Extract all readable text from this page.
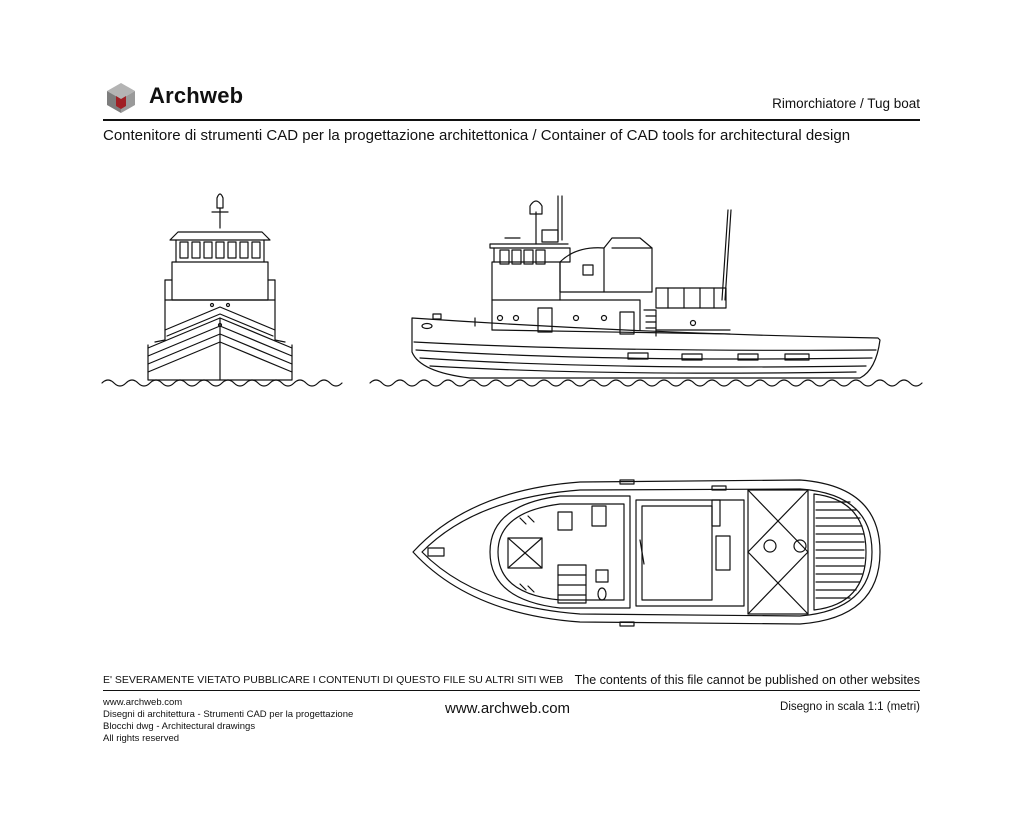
Archweb	Rimorchiatore / Tug boat
Contenitore di strumenti CAD per la progettazione architettonica / Container of CAD tools for architectural design
E' SEVERAMENTE VIETATO PUBBLICARE I CONTENUTI DI QUESTO FILE SU ALTRI SITI WEB The contents of this file cannot be published on other websites
www.archweb.com
Disegni di architettura - Strumenti CAD per la progettazione
Blocchi dwg - Architectural drawings
All rights reserved
www.archweb.com	Disegno in scala 1:1 (metri)
